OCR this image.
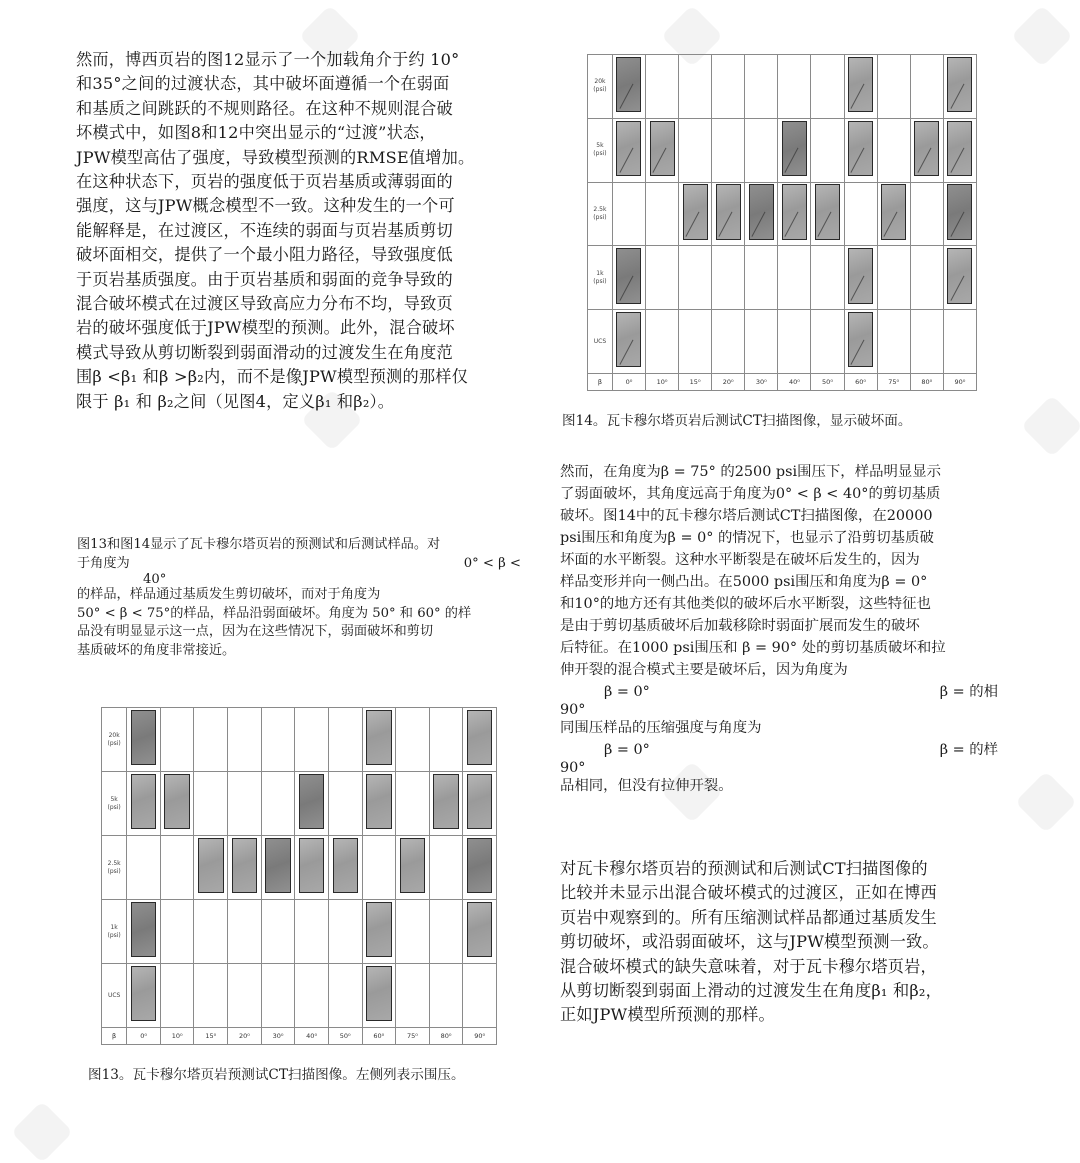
然而，博西页岩的图12显示了一个加载角介于约 10°
和35°之间的过渡状态，其中破坏面遵循一个在弱面
和基质之间跳跃的不规则路径。在这种不规则混合破
坏模式中，如图8和12中突出显示的“过渡”状态，
JPW模型高估了强度，导致模型预测的RMSE值增加。
在这种状态下，页岩的强度低于页岩基质或薄弱面的
强度，这与JPW概念模型不一致。这种发生的一个可
能解释是，在过渡区，不连续的弱面与页岩基质剪切
破坏面相交，提供了一个最小阻力路径，导致强度低
于页岩基质强度。由于页岩基质和弱面的竞争导致的
混合破坏模式在过渡区导致高应力分布不均，导致页
岩的破坏强度低于JPW模型的预测。此外，混合破坏
模式导致从剪切断裂到弱面滑动的过渡发生在角度范
围β <β₁ 和β >β₂内，而不是像JPW模型预测的那样仅
限于 β₁ 和 β₂之间（见图4，定义β₁ 和β₂）。
图13和图14显示了瓦卡穆尔塔页岩的预测试和后测试样品。对
于角度为	0° < β <
40°
的样品，样品通过基质发生剪切破坏，而对于角度为
50° < β < 75°的样品，样品沿弱面破坏。角度为 50° 和 60° 的样
品没有明显显示这一点，因为在这些情况下，弱面破坏和剪切
基质破坏的角度非常接近。
20k
(psi)											
5k
(psi)											
2.5k
(psi)											
1k
(psi)											
UCS											
β	0⁰	10⁰	15⁰	20⁰	30⁰	40⁰	50⁰	60⁰	75⁰	80⁰	90⁰
图13。瓦卡穆尔塔页岩预测试CT扫描图像。左侧列表示围压。
20k
(psi)	

5k
(psi)	

2.5k
(psi)			

1k
(psi)	

UCS	

β	0⁰	10⁰	15⁰	20⁰	30⁰	40⁰	50⁰	60⁰	75⁰	80⁰	90⁰
图14。瓦卡穆尔塔页岩后测试CT扫描图像，显示破坏面。
然而，在角度为β = 75° 的2500 psi围压下，样品明显显示
了弱面破坏，其角度远高于角度为0° < β < 40°的剪切基质
破坏。图14中的瓦卡穆尔塔后测试CT扫描图像，在20000
psi围压和角度为β = 0° 的情况下，也显示了沿剪切基质破
坏面的水平断裂。这种水平断裂是在破坏后发生的，因为
样品变形并向一侧凸出。在5000 psi围压和角度为β = 0°
和10°的地方还有其他类似的破坏后水平断裂，这些特征也
是由于剪切基质破坏后加载移除时弱面扩展而发生的破坏
后特征。在1000 psi围压和 β = 90° 处的剪切基质破坏和拉
伸开裂的混合模式主要是破坏后，因为角度为
β = 0°	β = 的相
90°
同围压样品的压缩强度与角度为
β = 0°	β = 的样
90°
品相同，但没有拉伸开裂。
对瓦卡穆尔塔页岩的预测试和后测试CT扫描图像的
比较并未显示出混合破坏模式的过渡区，正如在博西
页岩中观察到的。所有压缩测试样品都通过基质发生
剪切破坏，或沿弱面破坏，这与JPW模型预测一致。
混合破坏模式的缺失意味着，对于瓦卡穆尔塔页岩，
从剪切断裂到弱面上滑动的过渡发生在角度β₁ 和β₂，
正如JPW模型所预测的那样。
